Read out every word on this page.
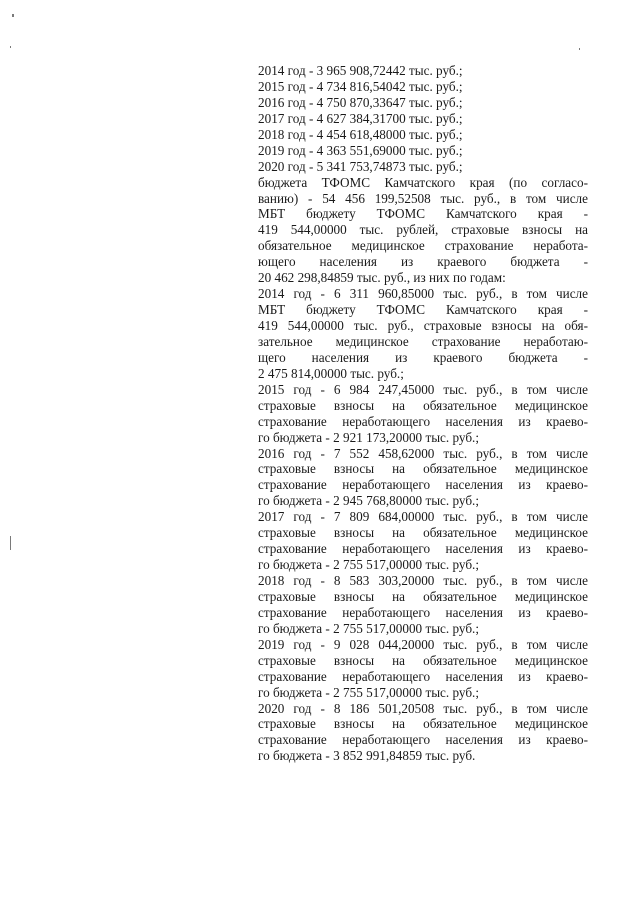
2014 год - 3 965 908,72442 тыс. руб.;
2015 год - 4 734 816,54042 тыс. руб.;
2016 год - 4 750 870,33647 тыс. руб.;
2017 год - 4 627 384,31700 тыс. руб.;
2018 год - 4 454 618,48000 тыс. руб.;
2019 год - 4 363 551,69000 тыс. руб.;
2020 год - 5 341 753,74873 тыс. руб.;
бюджета ТФОМС Камчатского края (по согласо-
ванию) - 54 456 199,52508 тыс. руб., в том числе
МБТ бюджету ТФОМС Камчатского края -
419 544,00000 тыс. рублей, страховые взносы на
обязательное медицинское страхование неработа-
ющего населения из краевого бюджета -
20 462 298,84859 тыс. руб., из них по годам:
2014 год - 6 311 960,85000 тыс. руб., в том числе
МБТ бюджету ТФОМС Камчатского края -
419 544,00000 тыс. руб., страховые взносы на обя-
зательное медицинское страхование неработаю-
щего населения из краевого бюджета -
2 475 814,00000 тыс. руб.;
2015 год - 6 984 247,45000 тыс. руб., в том числе
страховые взносы на обязательное медицинское
страхование неработающего населения из краево-
го бюджета - 2 921 173,20000 тыс. руб.;
2016 год - 7 552 458,62000 тыс. руб., в том числе
страховые взносы на обязательное медицинское
страхование неработающего населения из краево-
го бюджета - 2 945 768,80000 тыс. руб.;
2017 год - 7 809 684,00000 тыс. руб., в том числе
страховые взносы на обязательное медицинское
страхование неработающего населения из краево-
го бюджета - 2 755 517,00000 тыс. руб.;
2018 год - 8 583 303,20000 тыс. руб., в том числе
страховые взносы на обязательное медицинское
страхование неработающего населения из краево-
го бюджета - 2 755 517,00000 тыс. руб.;
2019 год - 9 028 044,20000 тыс. руб., в том числе
страховые взносы на обязательное медицинское
страхование неработающего населения из краево-
го бюджета - 2 755 517,00000 тыс. руб.;
2020 год - 8 186 501,20508 тыс. руб., в том числе
страховые взносы на обязательное медицинское
страхование неработающего населения из краево-
го бюджета - 3 852 991,84859 тыс. руб.
